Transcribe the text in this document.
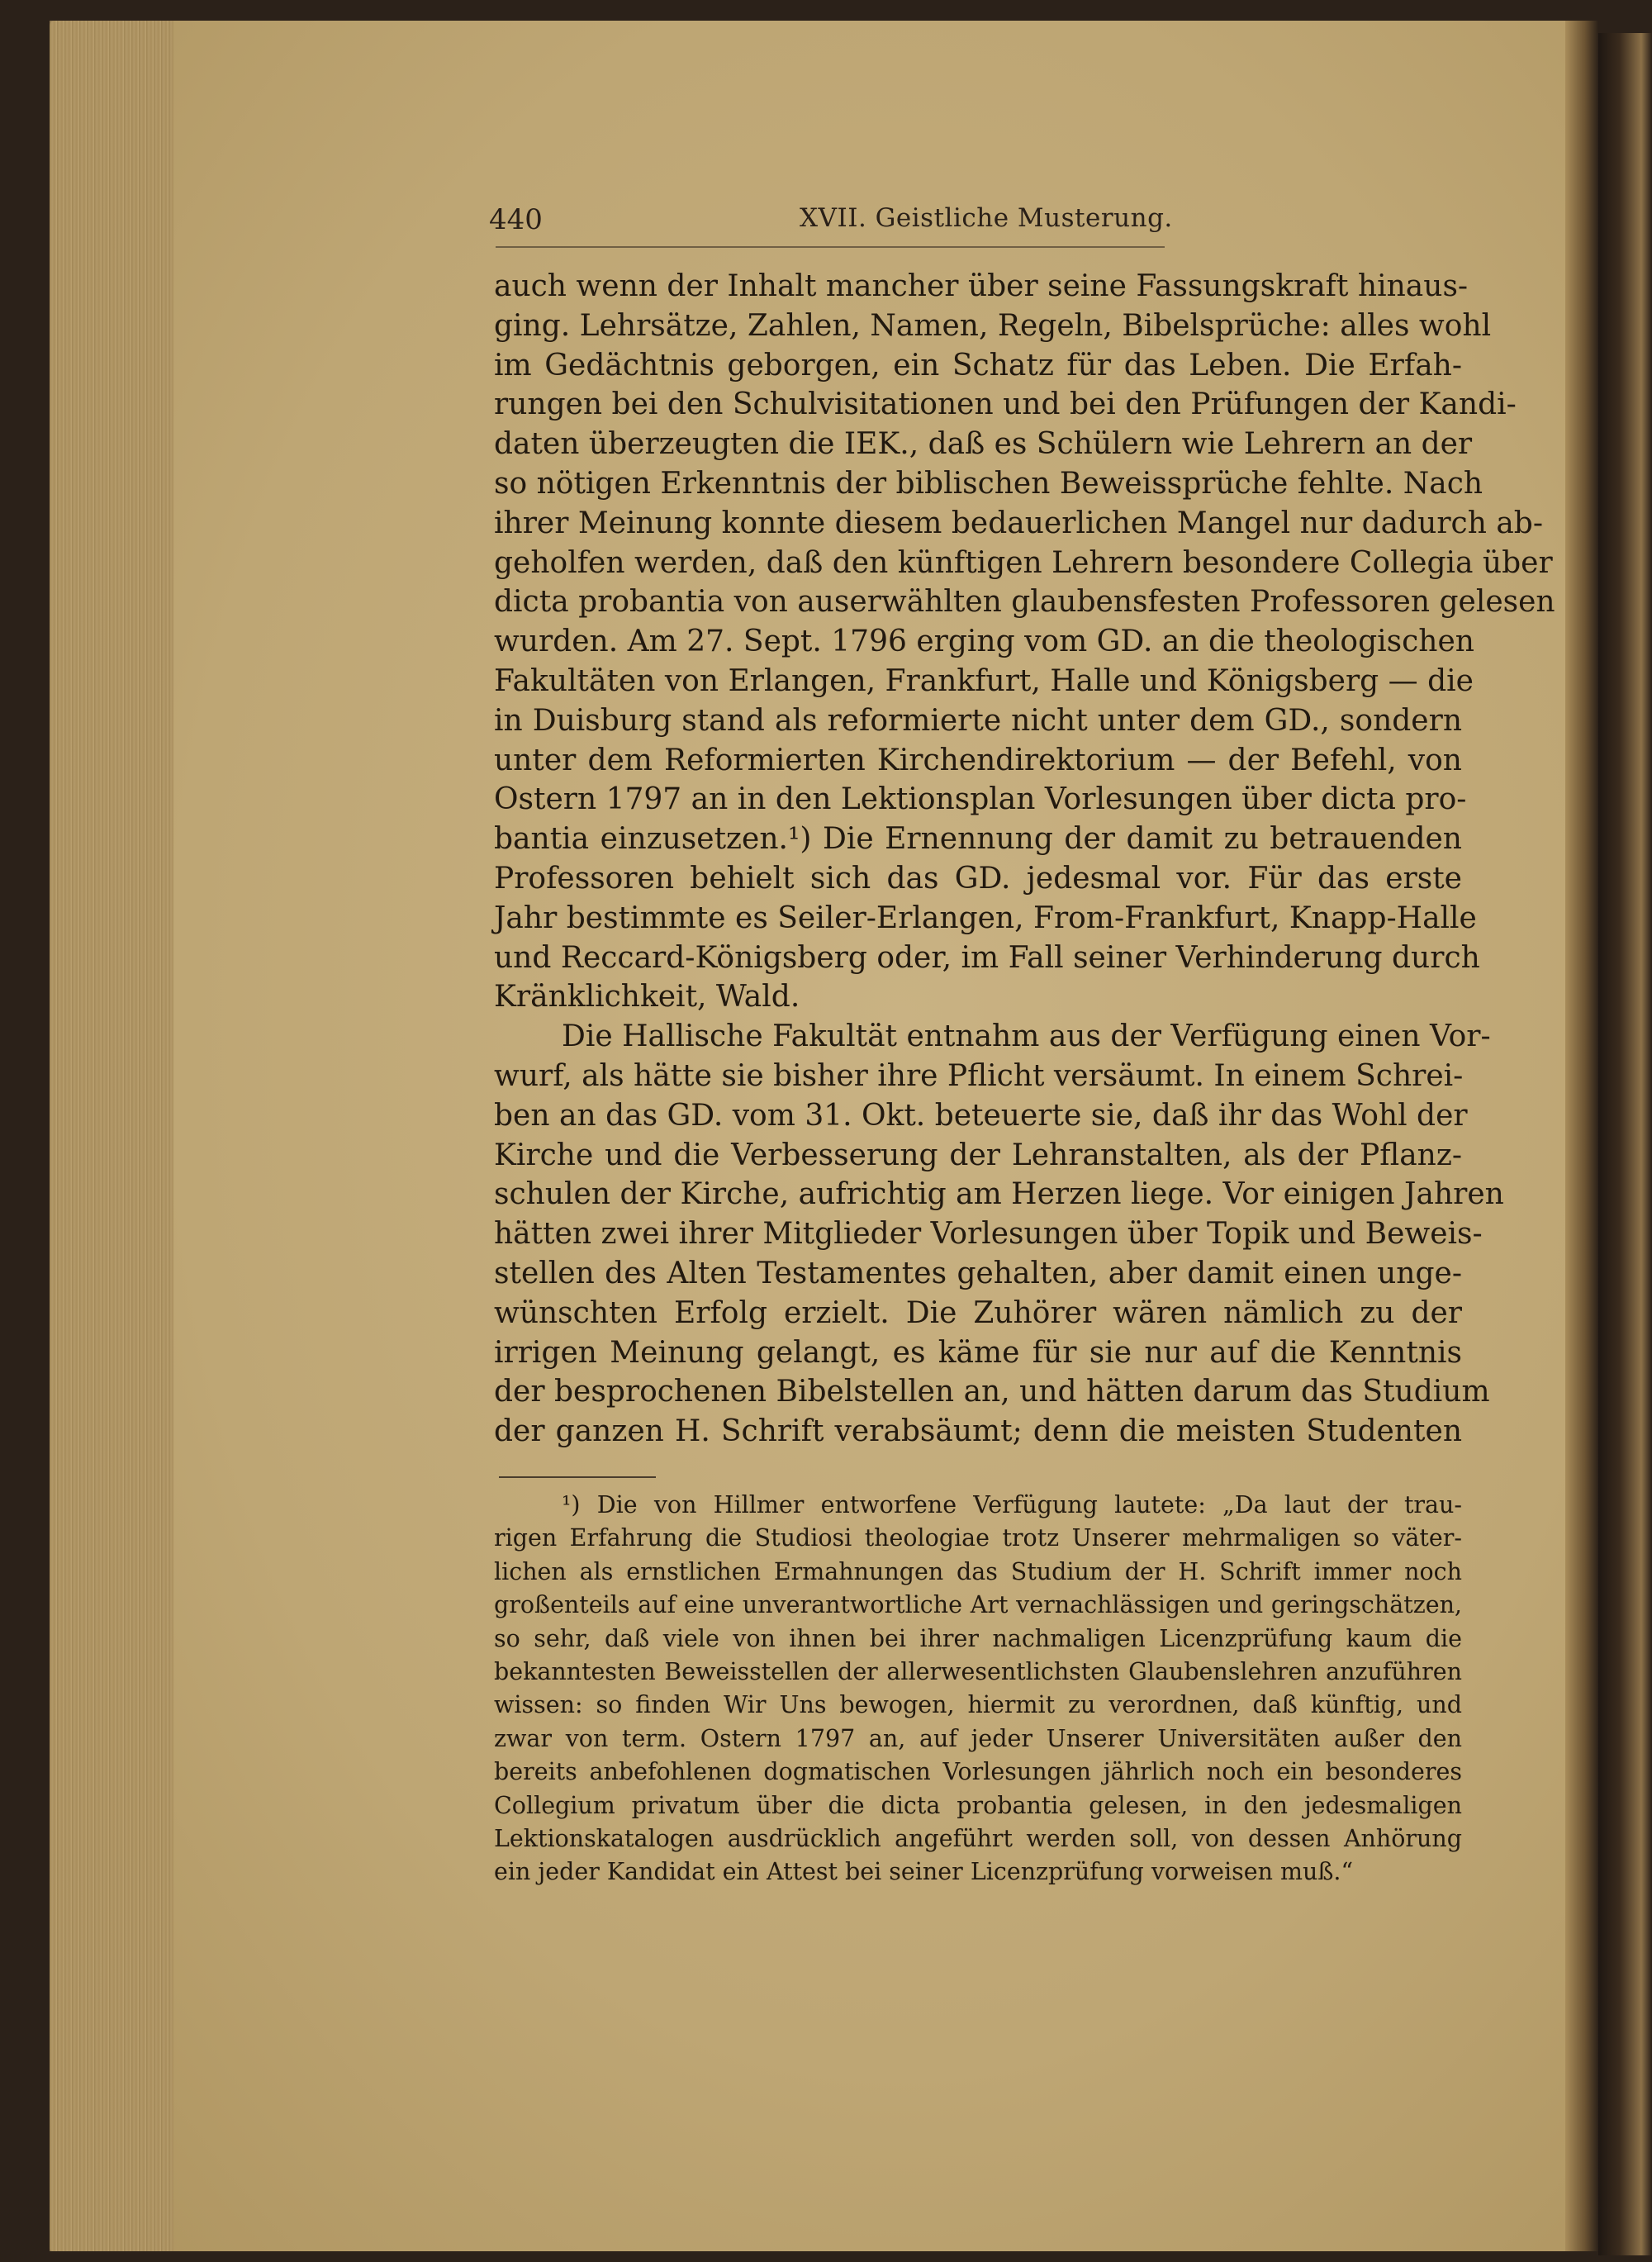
440	XVII. Geistliche Musterung.
auch wenn der Inhalt mancher über seine Fassungskraft hinaus-
ging. Lehrsätze, Zahlen, Namen, Regeln, Bibelsprüche: alles wohl
im Gedächtnis geborgen, ein Schatz für das Leben. Die Erfah-
rungen bei den Schulvisitationen und bei den Prüfungen der Kandi-
daten überzeugten die IEK., daß es Schülern wie Lehrern an der
so nötigen Erkenntnis der biblischen Beweissprüche fehlte. Nach
ihrer Meinung konnte diesem bedauerlichen Mangel nur dadurch ab-
geholfen werden, daß den künftigen Lehrern besondere Collegia über
dicta probantia von auserwählten glaubensfesten Professoren gelesen
wurden. Am 27. Sept. 1796 erging vom GD. an die theologischen
Fakultäten von Erlangen, Frankfurt, Halle und Königsberg — die
in Duisburg stand als reformierte nicht unter dem GD., sondern
unter dem Reformierten Kirchendirektorium — der Befehl, von
Ostern 1797 an in den Lektionsplan Vorlesungen über dicta pro-
bantia einzusetzen.¹) Die Ernennung der damit zu betrauenden
Professoren behielt sich das GD. jedesmal vor. Für das erste
Jahr bestimmte es Seiler-Erlangen, From-Frankfurt, Knapp-Halle
und Reccard-Königsberg oder, im Fall seiner Verhinderung durch
Kränklichkeit, Wald.
Die Hallische Fakultät entnahm aus der Verfügung einen Vor-
wurf, als hätte sie bisher ihre Pflicht versäumt. In einem Schrei-
ben an das GD. vom 31. Okt. beteuerte sie, daß ihr das Wohl der
Kirche und die Verbesserung der Lehranstalten, als der Pflanz-
schulen der Kirche, aufrichtig am Herzen liege. Vor einigen Jahren
hätten zwei ihrer Mitglieder Vorlesungen über Topik und Beweis-
stellen des Alten Testamentes gehalten, aber damit einen unge-
wünschten Erfolg erzielt. Die Zuhörer wären nämlich zu der
irrigen Meinung gelangt, es käme für sie nur auf die Kenntnis
der besprochenen Bibelstellen an, und hätten darum das Studium
der ganzen H. Schrift verabsäumt; denn die meisten Studenten
¹) Die von Hillmer entworfene Verfügung lautete: „Da laut der trau-
rigen Erfahrung die Studiosi theologiae trotz Unserer mehrmaligen so väter-
lichen als ernstlichen Ermahnungen das Studium der H. Schrift immer noch
großenteils auf eine unverantwortliche Art vernachlässigen und geringschätzen,
so sehr, daß viele von ihnen bei ihrer nachmaligen Licenzprüfung kaum die
bekanntesten Beweisstellen der allerwesentlichsten Glaubenslehren anzuführen
wissen: so finden Wir Uns bewogen, hiermit zu verordnen, daß künftig, und
zwar von term. Ostern 1797 an, auf jeder Unserer Universitäten außer den
bereits anbefohlenen dogmatischen Vorlesungen jährlich noch ein besonderes
Collegium privatum über die dicta probantia gelesen, in den jedesmaligen
Lektionskatalogen ausdrücklich angeführt werden soll, von dessen Anhörung
ein jeder Kandidat ein Attest bei seiner Licenzprüfung vorweisen muß.“
